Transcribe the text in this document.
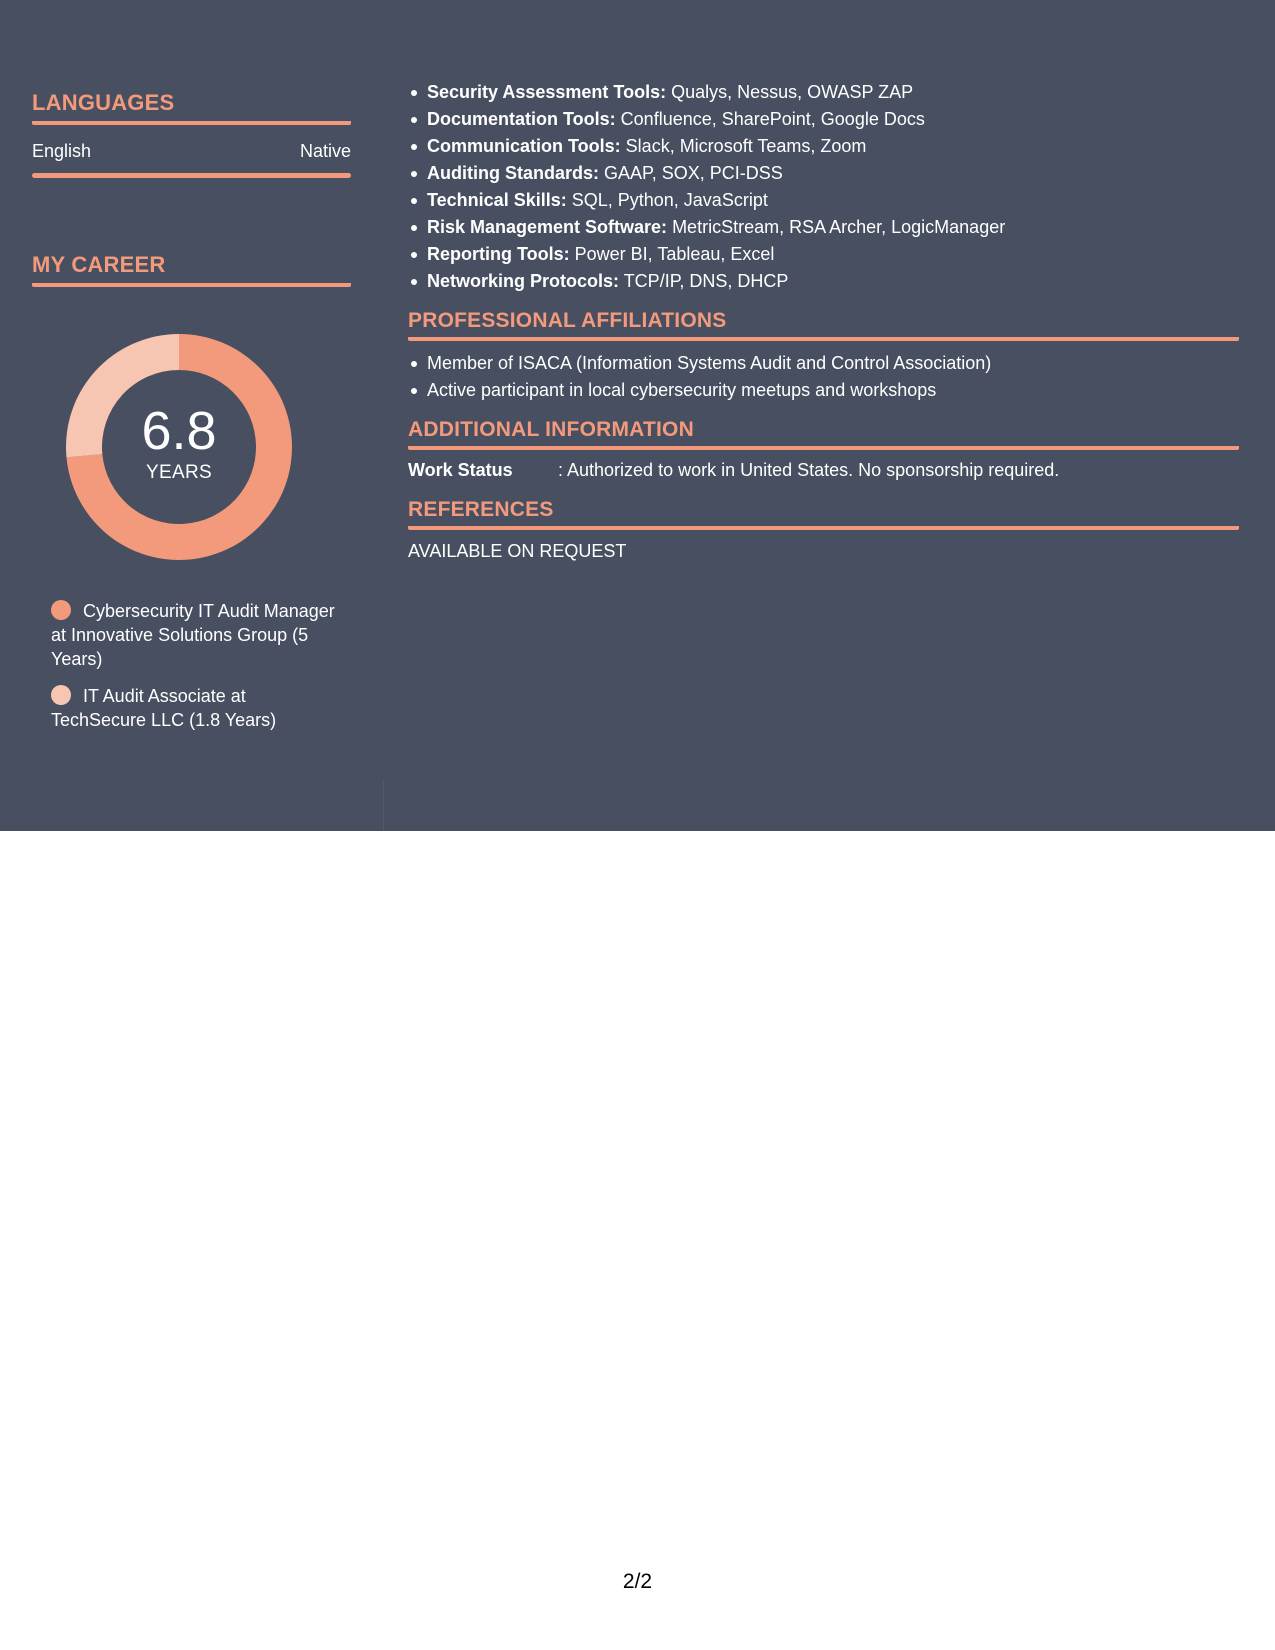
LANGUAGES
English	Native
MY CAREER
6.8
YEARS
Cybersecurity IT Audit Manager at Innovative Solutions Group (5 Years)
IT Audit Associate at TechSecure LLC (1.8 Years)
Security Assessment Tools: Qualys, Nessus, OWASP ZAP
Documentation Tools: Confluence, SharePoint, Google Docs
Communication Tools: Slack, Microsoft Teams, Zoom
Auditing Standards: GAAP, SOX, PCI-DSS
Technical Skills: SQL, Python, JavaScript
Risk Management Software: MetricStream, RSA Archer, LogicManager
Reporting Tools: Power BI, Tableau, Excel
Networking Protocols: TCP/IP, DNS, DHCP
PROFESSIONAL AFFILIATIONS
Member of ISACA (Information Systems Audit and Control Association)
Active participant in local cybersecurity meetups and workshops
ADDITIONAL INFORMATION
Work Status	: Authorized to work in United States. No sponsorship required.
REFERENCES
AVAILABLE ON REQUEST
2/2
